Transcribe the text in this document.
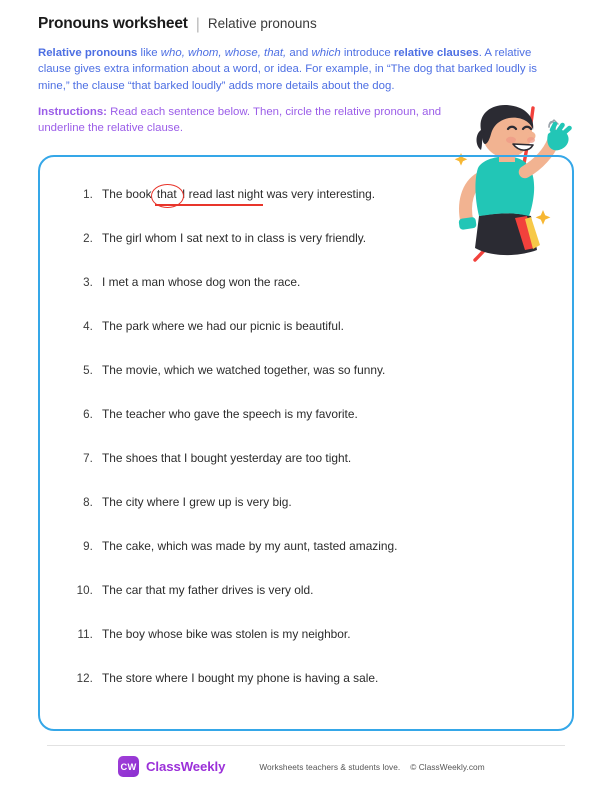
Pronouns worksheet | Relative pronouns
Relative pronouns like who, whom, whose, that, and which introduce relative clauses. A relative clause gives extra information about a word, or idea. For example, in “The dog that barked loudly is mine,” the clause “that barked loudly” adds more details about the dog.
Instructions: Read each sentence below. Then, circle the relative pronoun, and underline the relative clause.
1. The book that I read last night was very interesting.
2. The girl whom I sat next to in class is very friendly.
3. I met a man whose dog won the race.
4. The park where we had our picnic is beautiful.
5. The movie, which we watched together, was so funny.
6. The teacher who gave the speech is my favorite.
7. The shoes that I bought yesterday are too tight.
8. The city where I grew up is very big.
9. The cake, which was made by my aunt, tasted amazing.
10. The car that my father drives is very old.
11. The boy whose bike was stolen is my neighbor.
12. The store where I bought my phone is having a sale.
CW ClassWeekly	Worksheets teachers & students love. © ClassWeekly.com
